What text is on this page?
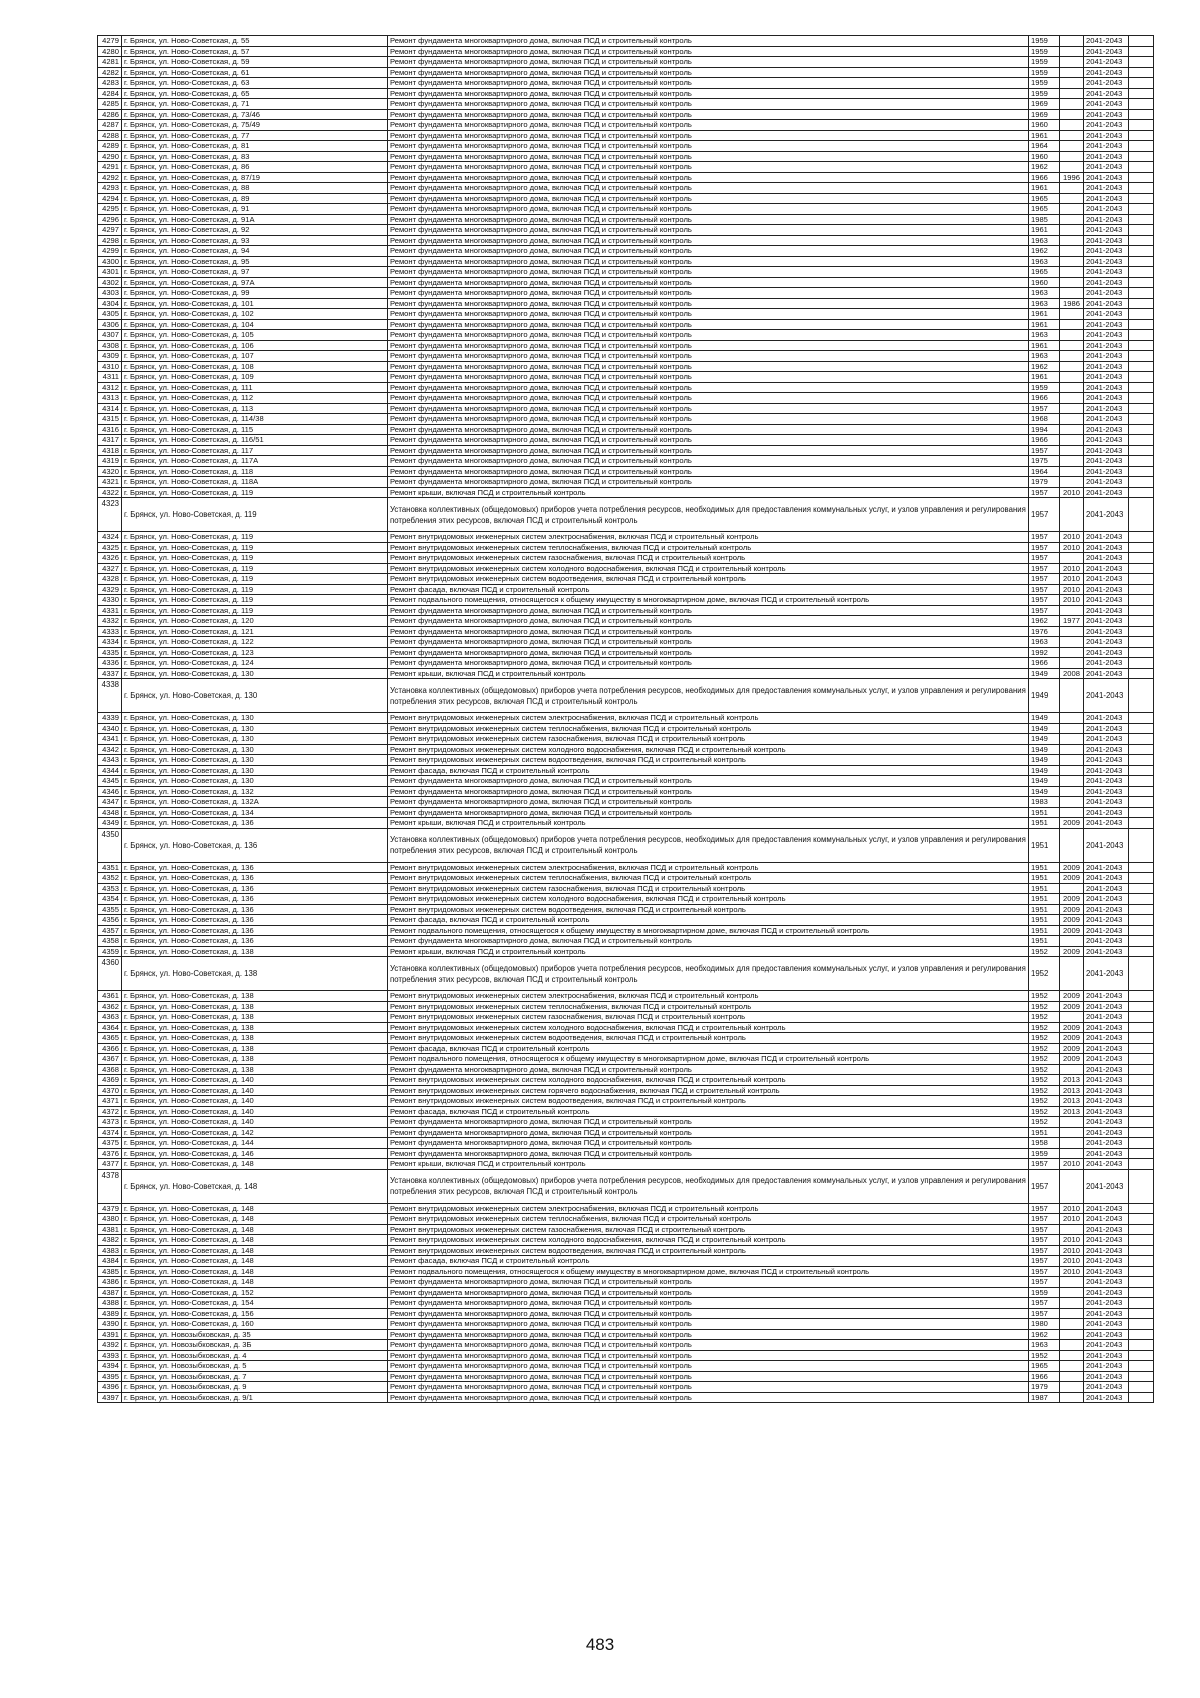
4279	г. Брянск, ул. Ново-Советская, д. 55	Ремонт фундамента многоквартирного дома, включая ПСД и строительный контроль	1959		2041-2043	
4280	г. Брянск, ул. Ново-Советская, д. 57	Ремонт фундамента многоквартирного дома, включая ПСД и строительный контроль	1959		2041-2043	
4281	г. Брянск, ул. Ново-Советская, д. 59	Ремонт фундамента многоквартирного дома, включая ПСД и строительный контроль	1959		2041-2043	
4282	г. Брянск, ул. Ново-Советская, д. 61	Ремонт фундамента многоквартирного дома, включая ПСД и строительный контроль	1959		2041-2043	
4283	г. Брянск, ул. Ново-Советская, д. 63	Ремонт фундамента многоквартирного дома, включая ПСД и строительный контроль	1959		2041-2043	
4284	г. Брянск, ул. Ново-Советская, д. 65	Ремонт фундамента многоквартирного дома, включая ПСД и строительный контроль	1959		2041-2043	
4285	г. Брянск, ул. Ново-Советская, д. 71	Ремонт фундамента многоквартирного дома, включая ПСД и строительный контроль	1969		2041-2043	
4286	г. Брянск, ул. Ново-Советская, д. 73/46	Ремонт фундамента многоквартирного дома, включая ПСД и строительный контроль	1969		2041-2043	
4287	г. Брянск, ул. Ново-Советская, д. 75/49	Ремонт фундамента многоквартирного дома, включая ПСД и строительный контроль	1960		2041-2043	
4288	г. Брянск, ул. Ново-Советская, д. 77	Ремонт фундамента многоквартирного дома, включая ПСД и строительный контроль	1961		2041-2043	
4289	г. Брянск, ул. Ново-Советская, д. 81	Ремонт фундамента многоквартирного дома, включая ПСД и строительный контроль	1964		2041-2043	
4290	г. Брянск, ул. Ново-Советская, д. 83	Ремонт фундамента многоквартирного дома, включая ПСД и строительный контроль	1960		2041-2043	
4291	г. Брянск, ул. Ново-Советская, д. 86	Ремонт фундамента многоквартирного дома, включая ПСД и строительный контроль	1962		2041-2043	
4292	г. Брянск, ул. Ново-Советская, д. 87/19	Ремонт фундамента многоквартирного дома, включая ПСД и строительный контроль	1966	1996	2041-2043	
4293	г. Брянск, ул. Ново-Советская, д. 88	Ремонт фундамента многоквартирного дома, включая ПСД и строительный контроль	1961		2041-2043	
4294	г. Брянск, ул. Ново-Советская, д. 89	Ремонт фундамента многоквартирного дома, включая ПСД и строительный контроль	1965		2041-2043	
4295	г. Брянск, ул. Ново-Советская, д. 91	Ремонт фундамента многоквартирного дома, включая ПСД и строительный контроль	1965		2041-2043	
4296	г. Брянск, ул. Ново-Советская, д. 91А	Ремонт фундамента многоквартирного дома, включая ПСД и строительный контроль	1985		2041-2043	
4297	г. Брянск, ул. Ново-Советская, д. 92	Ремонт фундамента многоквартирного дома, включая ПСД и строительный контроль	1961		2041-2043	
4298	г. Брянск, ул. Ново-Советская, д. 93	Ремонт фундамента многоквартирного дома, включая ПСД и строительный контроль	1963		2041-2043	
4299	г. Брянск, ул. Ново-Советская, д. 94	Ремонт фундамента многоквартирного дома, включая ПСД и строительный контроль	1962		2041-2043	
4300	г. Брянск, ул. Ново-Советская, д. 95	Ремонт фундамента многоквартирного дома, включая ПСД и строительный контроль	1963		2041-2043	
4301	г. Брянск, ул. Ново-Советская, д. 97	Ремонт фундамента многоквартирного дома, включая ПСД и строительный контроль	1965		2041-2043	
4302	г. Брянск, ул. Ново-Советская, д. 97А	Ремонт фундамента многоквартирного дома, включая ПСД и строительный контроль	1960		2041-2043	
4303	г. Брянск, ул. Ново-Советская, д. 99	Ремонт фундамента многоквартирного дома, включая ПСД и строительный контроль	1963		2041-2043	
4304	г. Брянск, ул. Ново-Советская, д. 101	Ремонт фундамента многоквартирного дома, включая ПСД и строительный контроль	1963	1986	2041-2043	
4305	г. Брянск, ул. Ново-Советская, д. 102	Ремонт фундамента многоквартирного дома, включая ПСД и строительный контроль	1961		2041-2043	
4306	г. Брянск, ул. Ново-Советская, д. 104	Ремонт фундамента многоквартирного дома, включая ПСД и строительный контроль	1961		2041-2043	
4307	г. Брянск, ул. Ново-Советская, д. 105	Ремонт фундамента многоквартирного дома, включая ПСД и строительный контроль	1963		2041-2043	
4308	г. Брянск, ул. Ново-Советская, д. 106	Ремонт фундамента многоквартирного дома, включая ПСД и строительный контроль	1961		2041-2043	
4309	г. Брянск, ул. Ново-Советская, д. 107	Ремонт фундамента многоквартирного дома, включая ПСД и строительный контроль	1963		2041-2043	
4310	г. Брянск, ул. Ново-Советская, д. 108	Ремонт фундамента многоквартирного дома, включая ПСД и строительный контроль	1962		2041-2043	
4311	г. Брянск, ул. Ново-Советская, д. 109	Ремонт фундамента многоквартирного дома, включая ПСД и строительный контроль	1961		2041-2043	
4312	г. Брянск, ул. Ново-Советская, д. 111	Ремонт фундамента многоквартирного дома, включая ПСД и строительный контроль	1959		2041-2043	
4313	г. Брянск, ул. Ново-Советская, д. 112	Ремонт фундамента многоквартирного дома, включая ПСД и строительный контроль	1966		2041-2043	
4314	г. Брянск, ул. Ново-Советская, д. 113	Ремонт фундамента многоквартирного дома, включая ПСД и строительный контроль	1957		2041-2043	
4315	г. Брянск, ул. Ново-Советская, д. 114/38	Ремонт фундамента многоквартирного дома, включая ПСД и строительный контроль	1968		2041-2043	
4316	г. Брянск, ул. Ново-Советская, д. 115	Ремонт фундамента многоквартирного дома, включая ПСД и строительный контроль	1994		2041-2043	
4317	г. Брянск, ул. Ново-Советская, д. 116/51	Ремонт фундамента многоквартирного дома, включая ПСД и строительный контроль	1966		2041-2043	
4318	г. Брянск, ул. Ново-Советская, д. 117	Ремонт фундамента многоквартирного дома, включая ПСД и строительный контроль	1957		2041-2043	
4319	г. Брянск, ул. Ново-Советская, д. 117А	Ремонт фундамента многоквартирного дома, включая ПСД и строительный контроль	1975		2041-2043	
4320	г. Брянск, ул. Ново-Советская, д. 118	Ремонт фундамента многоквартирного дома, включая ПСД и строительный контроль	1964		2041-2043	
4321	г. Брянск, ул. Ново-Советская, д. 118А	Ремонт фундамента многоквартирного дома, включая ПСД и строительный контроль	1979		2041-2043	
4322	г. Брянск, ул. Ново-Советская, д. 119	Ремонт крыши, включая ПСД и строительный контроль	1957	2010	2041-2043	
4323	г. Брянск, ул. Ново-Советская, д. 119	Установка коллективных (общедомовых) приборов учета потребления ресурсов, необходимых для предоставления коммунальных услуг, и узлов управления и регулирования потребления этих ресурсов, включая ПСД и строительный контроль	1957		2041-2043	
4324	г. Брянск, ул. Ново-Советская, д. 119	Ремонт внутридомовых инженерных систем электроснабжения, включая ПСД и строительный контроль	1957	2010	2041-2043	
4325	г. Брянск, ул. Ново-Советская, д. 119	Ремонт внутридомовых инженерных систем теплоснабжения, включая ПСД и строительный контроль	1957	2010	2041-2043	
4326	г. Брянск, ул. Ново-Советская, д. 119	Ремонт внутридомовых инженерных систем газоснабжения, включая ПСД и строительный контроль	1957		2041-2043	
4327	г. Брянск, ул. Ново-Советская, д. 119	Ремонт внутридомовых инженерных систем холодного водоснабжения, включая ПСД и строительный контроль	1957	2010	2041-2043	
4328	г. Брянск, ул. Ново-Советская, д. 119	Ремонт внутридомовых инженерных систем водоотведения, включая ПСД и строительный контроль	1957	2010	2041-2043	
4329	г. Брянск, ул. Ново-Советская, д. 119	Ремонт фасада, включая ПСД и строительный контроль	1957	2010	2041-2043	
4330	г. Брянск, ул. Ново-Советская, д. 119	Ремонт подвального помещения, относящегося к общему имуществу в многоквартирном доме, включая ПСД и строительный контроль	1957	2010	2041-2043	
4331	г. Брянск, ул. Ново-Советская, д. 119	Ремонт фундамента многоквартирного дома, включая ПСД и строительный контроль	1957		2041-2043	
4332	г. Брянск, ул. Ново-Советская, д. 120	Ремонт фундамента многоквартирного дома, включая ПСД и строительный контроль	1962	1977	2041-2043	
4333	г. Брянск, ул. Ново-Советская, д. 121	Ремонт фундамента многоквартирного дома, включая ПСД и строительный контроль	1976		2041-2043	
4334	г. Брянск, ул. Ново-Советская, д. 122	Ремонт фундамента многоквартирного дома, включая ПСД и строительный контроль	1963		2041-2043	
4335	г. Брянск, ул. Ново-Советская, д. 123	Ремонт фундамента многоквартирного дома, включая ПСД и строительный контроль	1992		2041-2043	
4336	г. Брянск, ул. Ново-Советская, д. 124	Ремонт фундамента многоквартирного дома, включая ПСД и строительный контроль	1966		2041-2043	
4337	г. Брянск, ул. Ново-Советская, д. 130	Ремонт крыши, включая ПСД и строительный контроль	1949	2008	2041-2043	
4338	г. Брянск, ул. Ново-Советская, д. 130	Установка коллективных (общедомовых) приборов учета потребления ресурсов, необходимых для предоставления коммунальных услуг, и узлов управления и регулирования потребления этих ресурсов, включая ПСД и строительный контроль	1949		2041-2043	
4339	г. Брянск, ул. Ново-Советская, д. 130	Ремонт внутридомовых инженерных систем электроснабжения, включая ПСД и строительный контроль	1949		2041-2043	
4340	г. Брянск, ул. Ново-Советская, д. 130	Ремонт внутридомовых инженерных систем теплоснабжения, включая ПСД и строительный контроль	1949		2041-2043	
4341	г. Брянск, ул. Ново-Советская, д. 130	Ремонт внутридомовых инженерных систем газоснабжения, включая ПСД и строительный контроль	1949		2041-2043	
4342	г. Брянск, ул. Ново-Советская, д. 130	Ремонт внутридомовых инженерных систем холодного водоснабжения, включая ПСД и строительный контроль	1949		2041-2043	
4343	г. Брянск, ул. Ново-Советская, д. 130	Ремонт внутридомовых инженерных систем водоотведения, включая ПСД и строительный контроль	1949		2041-2043	
4344	г. Брянск, ул. Ново-Советская, д. 130	Ремонт фасада, включая ПСД и строительный контроль	1949		2041-2043	
4345	г. Брянск, ул. Ново-Советская, д. 130	Ремонт фундамента многоквартирного дома, включая ПСД и строительный контроль	1949		2041-2043	
4346	г. Брянск, ул. Ново-Советская, д. 132	Ремонт фундамента многоквартирного дома, включая ПСД и строительный контроль	1949		2041-2043	
4347	г. Брянск, ул. Ново-Советская, д. 132А	Ремонт фундамента многоквартирного дома, включая ПСД и строительный контроль	1983		2041-2043	
4348	г. Брянск, ул. Ново-Советская, д. 134	Ремонт фундамента многоквартирного дома, включая ПСД и строительный контроль	1951		2041-2043	
4349	г. Брянск, ул. Ново-Советская, д. 136	Ремонт крыши, включая ПСД и строительный контроль	1951	2009	2041-2043	
4350	г. Брянск, ул. Ново-Советская, д. 136	Установка коллективных (общедомовых) приборов учета потребления ресурсов, необходимых для предоставления коммунальных услуг, и узлов управления и регулирования потребления этих ресурсов, включая ПСД и строительный контроль	1951		2041-2043	
4351	г. Брянск, ул. Ново-Советская, д. 136	Ремонт внутридомовых инженерных систем электроснабжения, включая ПСД и строительный контроль	1951	2009	2041-2043	
4352	г. Брянск, ул. Ново-Советская, д. 136	Ремонт внутридомовых инженерных систем теплоснабжения, включая ПСД и строительный контроль	1951	2009	2041-2043	
4353	г. Брянск, ул. Ново-Советская, д. 136	Ремонт внутридомовых инженерных систем газоснабжения, включая ПСД и строительный контроль	1951		2041-2043	
4354	г. Брянск, ул. Ново-Советская, д. 136	Ремонт внутридомовых инженерных систем холодного водоснабжения, включая ПСД и строительный контроль	1951	2009	2041-2043	
4355	г. Брянск, ул. Ново-Советская, д. 136	Ремонт внутридомовых инженерных систем водоотведения, включая ПСД и строительный контроль	1951	2009	2041-2043	
4356	г. Брянск, ул. Ново-Советская, д. 136	Ремонт фасада, включая ПСД и строительный контроль	1951	2009	2041-2043	
4357	г. Брянск, ул. Ново-Советская, д. 136	Ремонт подвального помещения, относящегося к общему имуществу в многоквартирном доме, включая ПСД и строительный контроль	1951	2009	2041-2043	
4358	г. Брянск, ул. Ново-Советская, д. 136	Ремонт фундамента многоквартирного дома, включая ПСД и строительный контроль	1951		2041-2043	
4359	г. Брянск, ул. Ново-Советская, д. 138	Ремонт крыши, включая ПСД и строительный контроль	1952	2009	2041-2043	
4360	г. Брянск, ул. Ново-Советская, д. 138	Установка коллективных (общедомовых) приборов учета потребления ресурсов, необходимых для предоставления коммунальных услуг, и узлов управления и регулирования потребления этих ресурсов, включая ПСД и строительный контроль	1952		2041-2043	
4361	г. Брянск, ул. Ново-Советская, д. 138	Ремонт внутридомовых инженерных систем электроснабжения, включая ПСД и строительный контроль	1952	2009	2041-2043	
4362	г. Брянск, ул. Ново-Советская, д. 138	Ремонт внутридомовых инженерных систем теплоснабжения, включая ПСД и строительный контроль	1952	2009	2041-2043	
4363	г. Брянск, ул. Ново-Советская, д. 138	Ремонт внутридомовых инженерных систем газоснабжения, включая ПСД и строительный контроль	1952		2041-2043	
4364	г. Брянск, ул. Ново-Советская, д. 138	Ремонт внутридомовых инженерных систем холодного водоснабжения, включая ПСД и строительный контроль	1952	2009	2041-2043	
4365	г. Брянск, ул. Ново-Советская, д. 138	Ремонт внутридомовых инженерных систем водоотведения, включая ПСД и строительный контроль	1952	2009	2041-2043	
4366	г. Брянск, ул. Ново-Советская, д. 138	Ремонт фасада, включая ПСД и строительный контроль	1952	2009	2041-2043	
4367	г. Брянск, ул. Ново-Советская, д. 138	Ремонт подвального помещения, относящегося к общему имуществу в многоквартирном доме, включая ПСД и строительный контроль	1952	2009	2041-2043	
4368	г. Брянск, ул. Ново-Советская, д. 138	Ремонт фундамента многоквартирного дома, включая ПСД и строительный контроль	1952		2041-2043	
4369	г. Брянск, ул. Ново-Советская, д. 140	Ремонт внутридомовых инженерных систем холодного водоснабжения, включая ПСД и строительный контроль	1952	2013	2041-2043	
4370	г. Брянск, ул. Ново-Советская, д. 140	Ремонт внутридомовых инженерных систем горячего водоснабжения, включая ПСД и строительный контроль	1952	2013	2041-2043	
4371	г. Брянск, ул. Ново-Советская, д. 140	Ремонт внутридомовых инженерных систем водоотведения, включая ПСД и строительный контроль	1952	2013	2041-2043	
4372	г. Брянск, ул. Ново-Советская, д. 140	Ремонт фасада, включая ПСД и строительный контроль	1952	2013	2041-2043	
4373	г. Брянск, ул. Ново-Советская, д. 140	Ремонт фундамента многоквартирного дома, включая ПСД и строительный контроль	1952		2041-2043	
4374	г. Брянск, ул. Ново-Советская, д. 142	Ремонт фундамента многоквартирного дома, включая ПСД и строительный контроль	1951		2041-2043	
4375	г. Брянск, ул. Ново-Советская, д. 144	Ремонт фундамента многоквартирного дома, включая ПСД и строительный контроль	1958		2041-2043	
4376	г. Брянск, ул. Ново-Советская, д. 146	Ремонт фундамента многоквартирного дома, включая ПСД и строительный контроль	1959		2041-2043	
4377	г. Брянск, ул. Ново-Советская, д. 148	Ремонт крыши, включая ПСД и строительный контроль	1957	2010	2041-2043	
4378	г. Брянск, ул. Ново-Советская, д. 148	Установка коллективных (общедомовых) приборов учета потребления ресурсов, необходимых для предоставления коммунальных услуг, и узлов управления и регулирования потребления этих ресурсов, включая ПСД и строительный контроль	1957		2041-2043	
4379	г. Брянск, ул. Ново-Советская, д. 148	Ремонт внутридомовых инженерных систем электроснабжения, включая ПСД и строительный контроль	1957	2010	2041-2043	
4380	г. Брянск, ул. Ново-Советская, д. 148	Ремонт внутридомовых инженерных систем теплоснабжения, включая ПСД и строительный контроль	1957	2010	2041-2043	
4381	г. Брянск, ул. Ново-Советская, д. 148	Ремонт внутридомовых инженерных систем газоснабжения, включая ПСД и строительный контроль	1957		2041-2043	
4382	г. Брянск, ул. Ново-Советская, д. 148	Ремонт внутридомовых инженерных систем холодного водоснабжения, включая ПСД и строительный контроль	1957	2010	2041-2043	
4383	г. Брянск, ул. Ново-Советская, д. 148	Ремонт внутридомовых инженерных систем водоотведения, включая ПСД и строительный контроль	1957	2010	2041-2043	
4384	г. Брянск, ул. Ново-Советская, д. 148	Ремонт фасада, включая ПСД и строительный контроль	1957	2010	2041-2043	
4385	г. Брянск, ул. Ново-Советская, д. 148	Ремонт подвального помещения, относящегося к общему имуществу в многоквартирном доме, включая ПСД и строительный контроль	1957	2010	2041-2043	
4386	г. Брянск, ул. Ново-Советская, д. 148	Ремонт фундамента многоквартирного дома, включая ПСД и строительный контроль	1957		2041-2043	
4387	г. Брянск, ул. Ново-Советская, д. 152	Ремонт фундамента многоквартирного дома, включая ПСД и строительный контроль	1959		2041-2043	
4388	г. Брянск, ул. Ново-Советская, д. 154	Ремонт фундамента многоквартирного дома, включая ПСД и строительный контроль	1957		2041-2043	
4389	г. Брянск, ул. Ново-Советская, д. 156	Ремонт фундамента многоквартирного дома, включая ПСД и строительный контроль	1957		2041-2043	
4390	г. Брянск, ул. Ново-Советская, д. 160	Ремонт фундамента многоквартирного дома, включая ПСД и строительный контроль	1980		2041-2043	
4391	г. Брянск, ул. Новозыбковская, д. 35	Ремонт фундамента многоквартирного дома, включая ПСД и строительный контроль	1962		2041-2043	
4392	г. Брянск, ул. Новозыбковская, д. 3Б	Ремонт фундамента многоквартирного дома, включая ПСД и строительный контроль	1963		2041-2043	
4393	г. Брянск, ул. Новозыбковская, д. 4	Ремонт фундамента многоквартирного дома, включая ПСД и строительный контроль	1952		2041-2043	
4394	г. Брянск, ул. Новозыбковская, д. 5	Ремонт фундамента многоквартирного дома, включая ПСД и строительный контроль	1965		2041-2043	
4395	г. Брянск, ул. Новозыбковская, д. 7	Ремонт фундамента многоквартирного дома, включая ПСД и строительный контроль	1966		2041-2043	
4396	г. Брянск, ул. Новозыбковская, д. 9	Ремонт фундамента многоквартирного дома, включая ПСД и строительный контроль	1979		2041-2043	
4397	г. Брянск, ул. Новозыбковская, д. 9/1	Ремонт фундамента многоквартирного дома, включая ПСД и строительный контроль	1987		2041-2043	
483
